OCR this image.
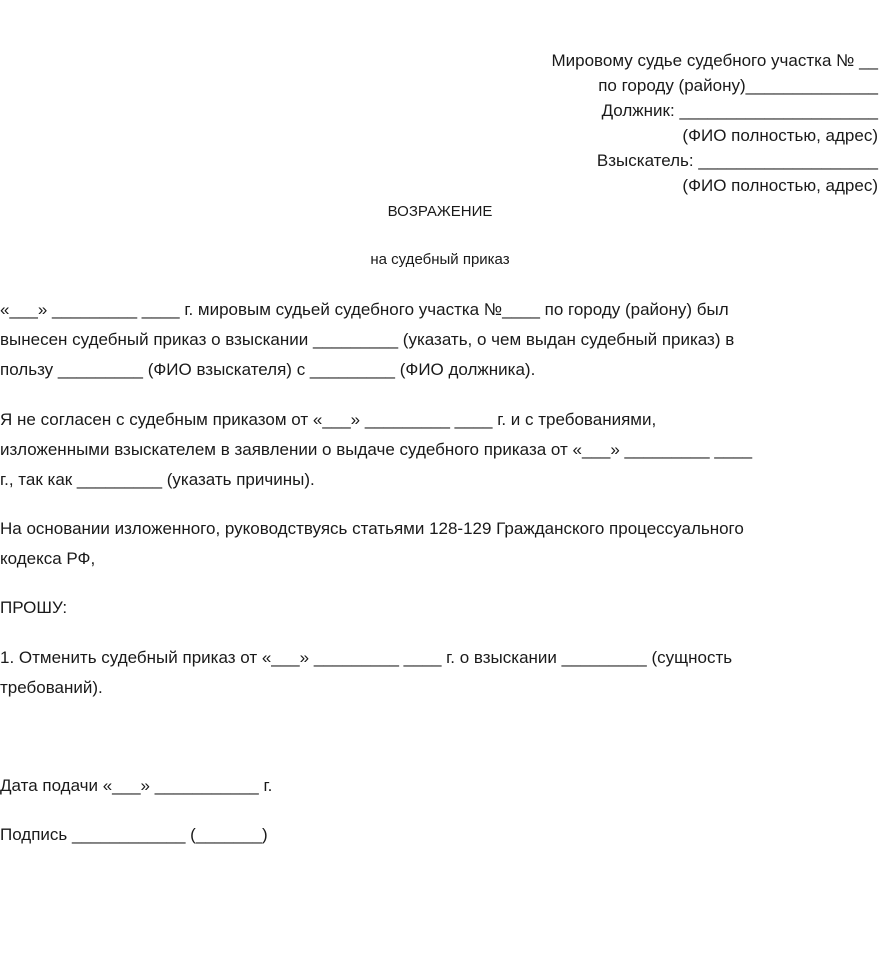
Мировому судье судебного участка № __
по городу (району)______________
Должник: _____________________
(ФИО полностью, адрес)
Взыскатель: ___________________
(ФИО полностью, адрес)
ВОЗРАЖЕНИЕ
на судебный приказ
«___» _________ ____ г. мировым судьей судебного участка №____ по городу (району) был
вынесен судебный приказ о взыскании _________ (указать, о чем выдан судебный приказ) в
пользу _________ (ФИО взыскателя) с _________ (ФИО должника).
Я не согласен с судебным приказом от «___» _________ ____ г. и с требованиями,
изложенными взыскателем в заявлении о выдаче судебного приказа от «___» _________ ____
г., так как _________ (указать причины).
На основании изложенного, руководствуясь статьями 128-129 Гражданского процессуального
кодекса РФ,
ПРОШУ:
1. Отменить судебный приказ от «___» _________ ____ г. о взыскании _________ (сущность
требований).
Дата подачи «___» ___________ г.
Подпись ____________ (_______)
